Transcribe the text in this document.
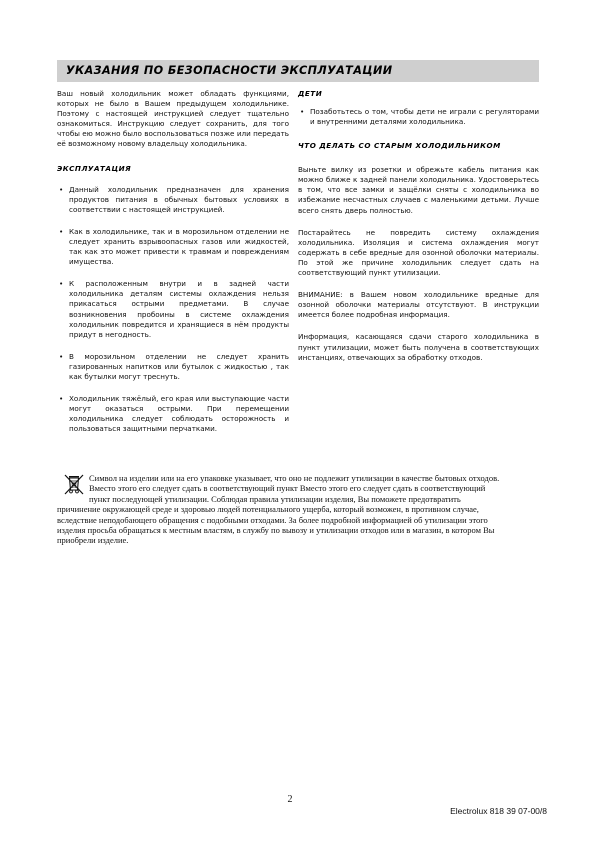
УКАЗАНИЯ ПО БЕЗОПАСНОСТИ ЭКСПЛУАТАЦИИ

Ваш новый холодильник может обладать функциями, которых не было в Вашем предыдущем холодильнике. Поэтому с настоящей инструкцией следует тщательно ознакомиться. Инструкцию следует сохранить, для того чтобы ею можно было воспользоваться позже или передать её возможному новому владельцу холодильника.

ЭКСПЛУАТАЦИЯ
• Данный холодильник предназначен для хранения продуктов питания в обычных бытовых условиях в соответствии с настоящей инструкцией.
• Как в холодильнике, так и в морозильном отделении не следует хранить взрывоопасных газов или жидкостей, так как это может привести к травмам и повреждениям имущества.
• К расположенным внутри и в задней части холодильника деталям системы охлаждения нельзя прикасаться острыми предметами. В случае возникновения пробоины в системе охлаждения холодильник повредится и хранящиеся в нём продукты придут в негодность.
• В морозильном отделении не следует хранить газированных напитков или бутылок с жидкостью , так как бутылки могут треснуть.
• Холодильник тяжёлый, его края или выступающие части могут оказаться острыми. При перемещении холодильника следует соблюдать осторожность и пользоваться защитными перчатками.
ДЕТИ
• Позаботьтесь о том, чтобы дети не играли с регуляторами и внутренними деталями холодильника.
ЧТО ДЕЛАТЬ СО СТАРЫМ ХОЛОДИЛЬНИКОМ

Выньте вилку из розетки и обрежьте кабель питания как можно ближе к задней панели холодильника. Удостоверьтесь в том, что все замки и защёлки сняты с холодильника во избежание несчастных случаев с маленькими детьми. Лучше всего снять дверь полностью.

Постарайтесь не повредить систему охлаждения холодильника. Изоляция и система охлаждения могут содержать в себе вредные для озонной оболочки материалы. По этой же причине холодильник следует сдать на соответствующий пункт утилизации.

ВНИМАНИЕ: в Вашем новом холодильнике вредные для озонной оболочки материалы отсутствуют. В инструкции имеется более подробная информация.

Информация, касающаяся сдачи старого холодильника в пункт утилизации, может быть получена в соответствующих инстанциях, отвечающих за обработку отходов.

Символ на изделии или на его упаковке указывает, что оно не подлежит утилизации в качестве бытовых отходов. Вместо этого его следует сдать в соответствующий пункт Вместо этого его следует сдать в соответствующий пункт последующей утилизации. Соблюдая правила утилизации изделия, Вы поможете предотвратить причинение окружающей среде и здоровью людей потенциального ущерба, который возможен, в противном случае, вследствие неподобающего обращения с подобными отходами. За более подробной информацией об утилизации этого изделия просьба обращаться к местным властям, в службу по вывозу и утилизации отходов или в магазин, в котором Вы приобрели изделие.
2
Electrolux 818 39 07-00/8
